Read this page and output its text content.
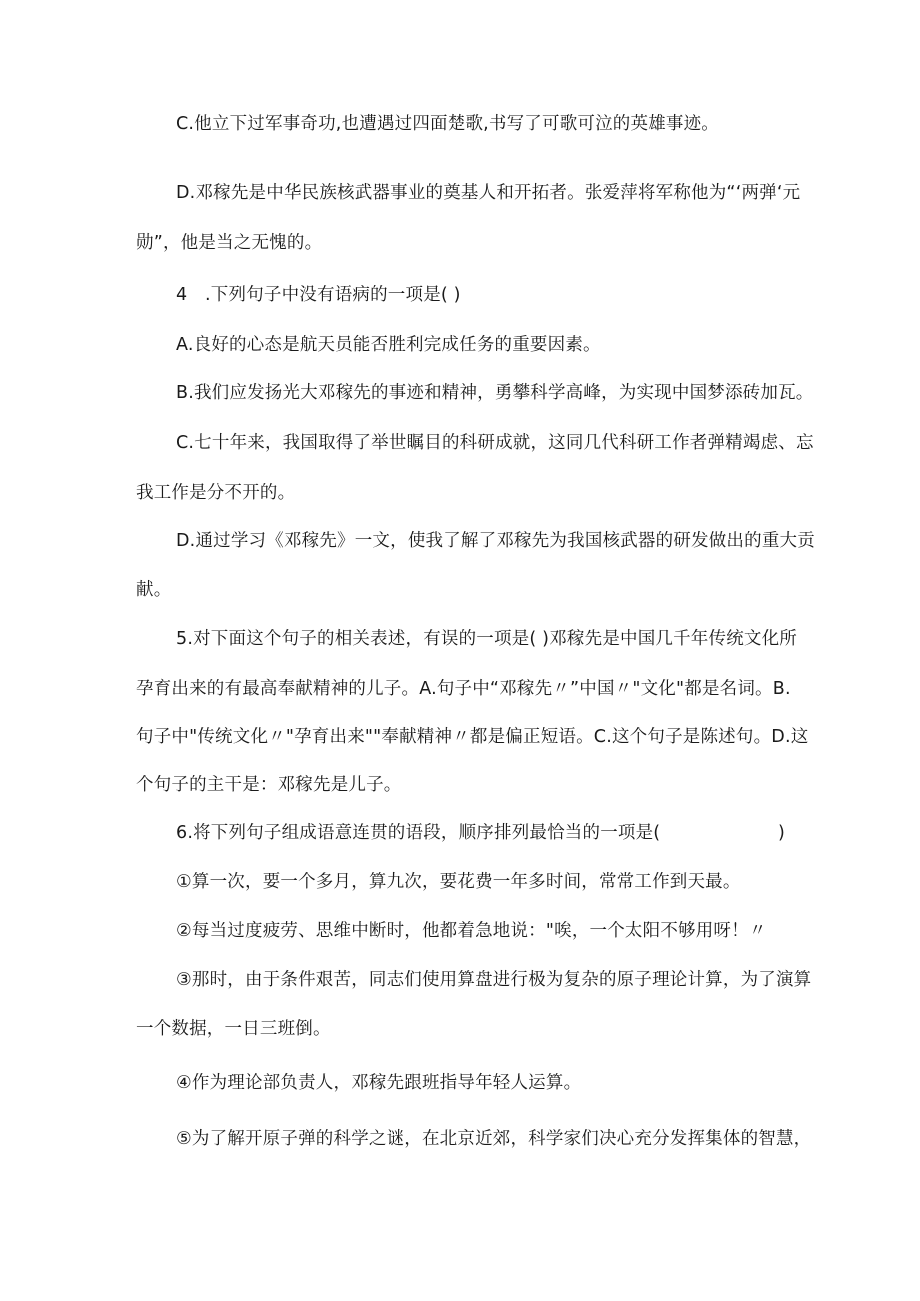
C.他立下过军事奇功,也遭遇过四面楚歌,书写了可歌可泣的英雄事迹。
D.邓稼先是中华民族核武器事业的奠基人和开拓者。张爱萍将军称他为“‘两弹‘元
勋”，他是当之无愧的。
4　.下列句子中没有语病的一项是( )
A.良好的心态是航天员能否胜利完成任务的重要因素。
B.我们应发扬光大邓稼先的事迹和精神，勇攀科学高峰，为实现中国梦添砖加瓦。
C.七十年来，我国取得了举世瞩目的科研成就，这同几代科研工作者弹精竭虑、忘
我工作是分不开的。
D.通过学习《邓稼先》一文，使我了解了邓稼先为我国核武器的研发做出的重大贡
献。
5.对下面这个句子的相关表述，有误的一项是( )邓稼先是中国几千年传统文化所
孕育出来的有最高奉献精神的儿子。A.句子中“邓稼先〃”中国〃"文化"都是名词。B.
句子中"传统文化〃"孕育出来""奉献精神〃都是偏正短语。C.这个句子是陈述句。D.这
个句子的主干是：邓稼先是儿子。
6.将下列句子组成语意连贯的语段，顺序排列最恰当的一项是(	)
①算一次，要一个多月，算九次，要花费一年多时间，常常工作到天最。
②每当过度疲劳、思维中断时，他都着急地说："唉，一个太阳不够用呀！〃
③那时，由于条件艰苦，同志们使用算盘进行极为复杂的原子理论计算，为了演算
一个数据，一日三班倒。
④作为理论部负责人，邓稼先跟班指导年轻人运算。
⑤为了解开原子弹的科学之谜，在北京近郊，科学家们决心充分发挥集体的智慧，
